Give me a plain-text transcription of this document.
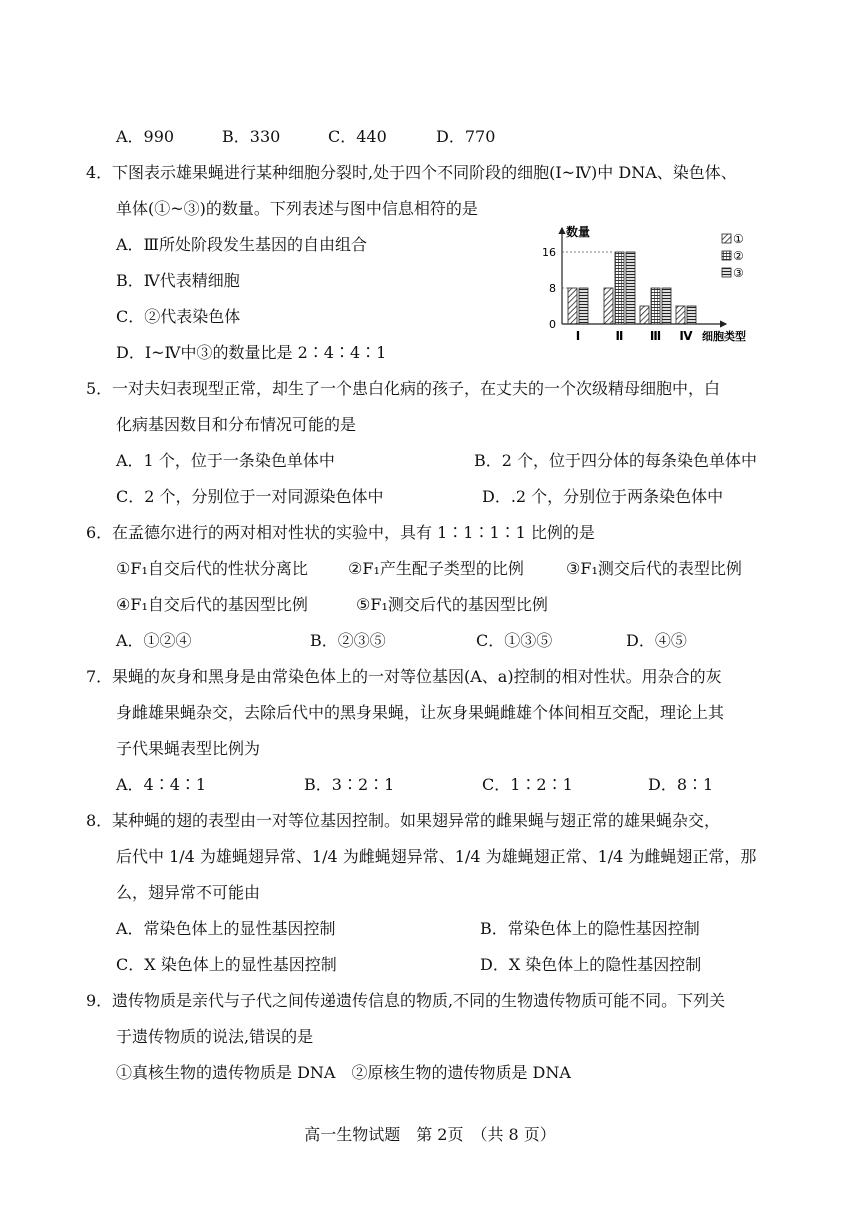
A．990	B．330	C．440	D．770
4． 下图表示雄果蝇进行某种细胞分裂时,处于四个不同阶段的细胞(Ⅰ~Ⅳ)中 DNA、染色体、
单体(①~③)的数量。下列表述与图中信息相符的是
A．Ⅲ所处阶段发生基因的自由组合
B．Ⅳ代表精细胞
C．②代表染色体
D．Ⅰ~Ⅳ中③的数量比是 2∶4∶4∶1
数量
16
8
0
细胞类型
Ⅰ	Ⅱ Ⅲ Ⅳ
①
②
③
5． 一对夫妇表现型正常，却生了一个患白化病的孩子，在丈夫的一个次级精母细胞中，白
化病基因数目和分布情况可能的是
A．1 个，位于一条染色单体中	B．2 个，位于四分体的每条染色单体中
C．2 个，分别位于一对同源染色体中	D．.2 个，分别位于两条染色体中
6． 在孟德尔进行的两对相对性状的实验中，具有 1∶1∶1∶1 比例的是
①F₁自交后代的性状分离比	②F₁产生配子类型的比例	③F₁测交后代的表型比例
④F₁自交后代的基因型比例	⑤F₁测交后代的基因型比例
A．①②④	B．②③⑤	C．①③⑤	D．④⑤
7． 果蝇的灰身和黑身是由常染色体上的一对等位基因(A、a)控制的相对性状。用杂合的灰
身雌雄果蝇杂交，去除后代中的黑身果蝇，让灰身果蝇雌雄个体间相互交配，理论上其
子代果蝇表型比例为
A．4∶4∶1	B．3∶2∶1	C．1∶2∶1	D．8∶1
8． 某种蝇的翅的表型由一对等位基因控制。如果翅异常的雌果蝇与翅正常的雄果蝇杂交，
后代中 1/4 为雄蝇翅异常、1/4 为雌蝇翅异常、1/4 为雄蝇翅正常、1/4 为雌蝇翅正常，那
么，翅异常不可能由
A．常染色体上的显性基因控制	B．常染色体上的隐性基因控制
C．X 染色体上的显性基因控制	D．X 染色体上的隐性基因控制
9． 遗传物质是亲代与子代之间传递遗传信息的物质,不同的生物遗传物质可能不同。下列关
于遗传物质的说法,错误的是
①真核生物的遗传物质是 DNA　②原核生物的遗传物质是 DNA
高一生物试题　第 2页　（共 8 页）
